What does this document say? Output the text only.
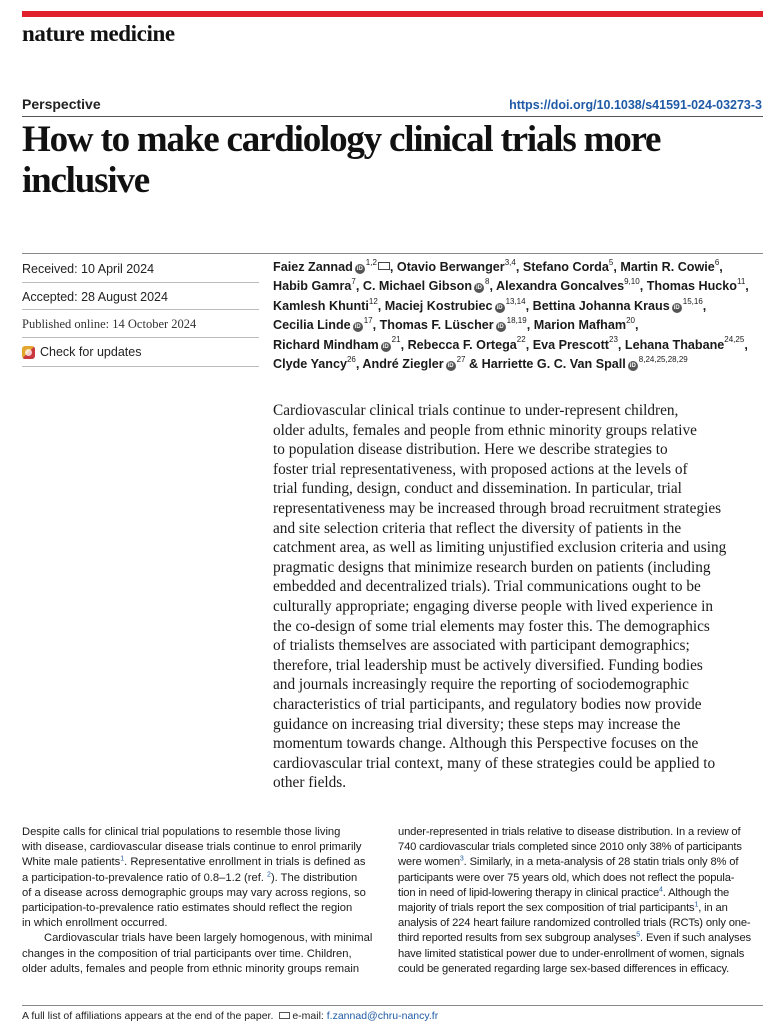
nature medicine
Perspective	https://doi.org/10.1038/s41591-024-03273-3
How to make cardiology clinical trials more
inclusive
Received: 10 April 2024
Accepted: 28 August 2024
Published online: 14 October 2024
Check for updates
Faiez Zannad iD$^{1,2}$ , Otavio Berwanger$^{3,4}$, Stefano Corda$^5$, Martin R. Cowie$^6$,
Habib Gamra$^7$, C. Michael Gibson $iD^8$, Alexandra Goncalves$^{9,10}$, Thomas Hucko$^{11}$,
Kamlesh Khunti$^{12}$, Maciej Kostrubiec iD$^{13,14}$, Bettina Johanna Kraus iD$^{15,16}$,
Cecilia Linde $iD^{17}$, Thomas F. Lüscher iD$^{18,19}$, Marion Mafham$^{20}$,
Richard Mindham $iD^{21}$, Rebecca F. Ortega$^{22}$, Eva Prescott$^{23}$, Lehana Thabane$^{24,25}$,
Clyde Yancy$^{26}$, André Ziegler $iD^{27}$ & Harriette G. C. Van Spall iD$^{8,24,25,28,29}$
Cardiovascular clinical trials continue to under-represent children,
older adults, females and people from ethnic minority groups relative
to population disease distribution. Here we describe strategies to
foster trial representativeness, with proposed actions at the levels of
trial funding, design, conduct and dissemination. In particular, trial
representativeness may be increased through broad recruitment strategies
and site selection criteria that reflect the diversity of patients in the
catchment area, as well as limiting unjustified exclusion criteria and using
pragmatic designs that minimize research burden on patients (including
embedded and decentralized trials). Trial communications ought to be
culturally appropriate; engaging diverse people with lived experience in
the co-design of some trial elements may foster this. The demographics
of trialists themselves are associated with participant demographics;
therefore, trial leadership must be actively diversified. Funding bodies
and journals increasingly require the reporting of sociodemographic
characteristics of trial participants, and regulatory bodies now provide
guidance on increasing trial diversity; these steps may increase the
momentum towards change. Although this Perspective focuses on the
cardiovascular trial context, many of these strategies could be applied to
other fields.
Despite calls for clinical trial populations to resemble those living
with disease, cardiovascular disease trials continue to enrol primarily
White male patients$^1$. Representative enrollment in trials is defined as
a participation-to-prevalence ratio of 0.8–1.2 (ref. $^2$). The distribution
of a disease across demographic groups may vary across regions, so
participation-to-prevalence ratio estimates should reflect the region
in which enrollment occurred.
Cardiovascular trials have been largely homogenous, with minimal
changes in the composition of trial participants over time. Children,
older adults, females and people from ethnic minority groups remain
under-represented in trials relative to disease distribution. In a review of
740 cardiovascular trials completed since 2010 only 38% of participants
were women$^3$. Similarly, in a meta-analysis of 28 statin trials only 8% of
participants were over 75 years old, which does not reflect the popula-
tion in need of lipid-lowering therapy in clinical practice$^4$. Although the
majority of trials report the sex composition of trial participants$^1$, in an
analysis of 224 heart failure randomized controlled trials (RCTs) only one-
third reported results from sex subgroup analyses$^5$. Even if such analyses
have limited statistical power due to under-enrollment of women, signals
could be generated regarding large sex-based differences in efficacy.
A full list of affiliations appears at the end of the paper. e-mail: f.zannad@chru-nancy.fr
